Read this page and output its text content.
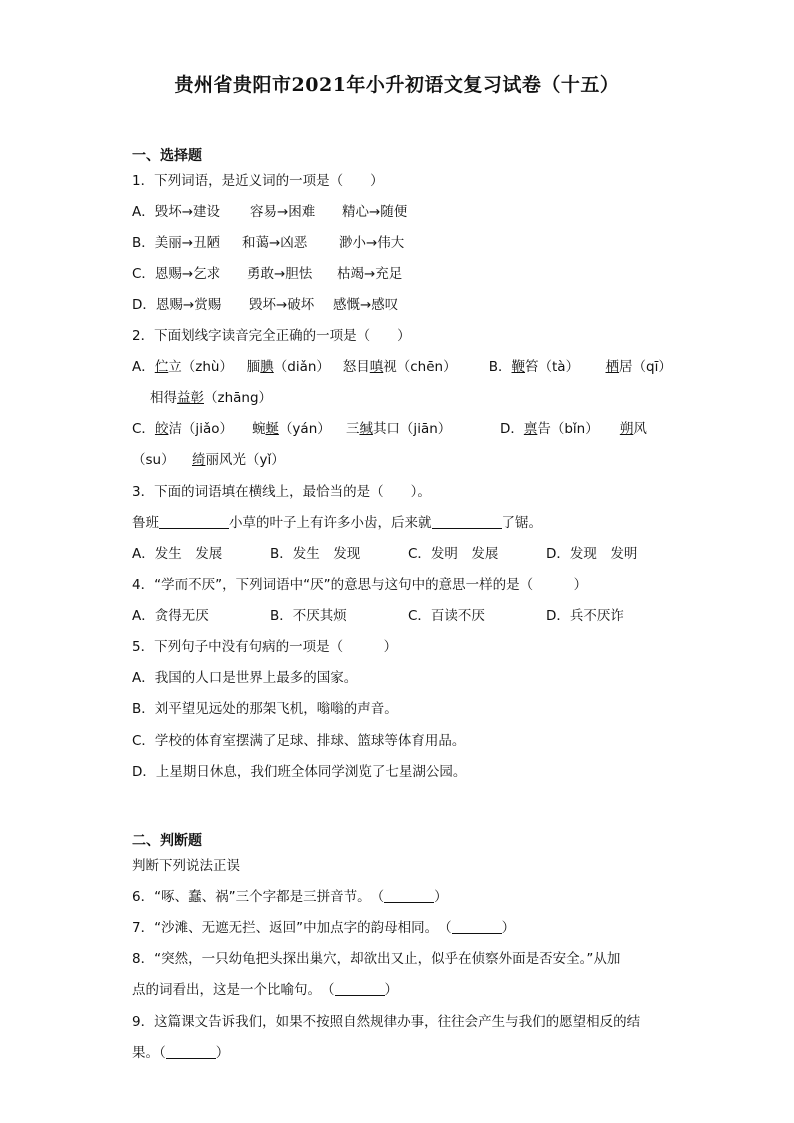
贵州省贵阳市2021年小升初语文复习试卷（十五）
一、选择题
1．下列词语，是近义词的一项是（　　）
A．毁坏→建设 容易→困难 精心→随便
B．美丽→丑陋 和蔼→凶恶 渺小→伟大
C．恩赐→乞求 勇敢→胆怯 枯竭→充足
D．恩赐→赏赐 毁坏→破坏 感慨→感叹
2．下面划线字读音完全正确的一项是（　　）
A．伫立（zhù） 腼腆（diǎn） 怒目嗔视（chēn） B．鞭笞（tà） 栖居（qī）
相得益彰（zhāng）
C．皎洁（jiǎo） 蜿蜒（yán） 三缄其口（jiān）	D．禀告（bǐn） 朔风
（su） 绮丽风光（yǐ）
3．下面的词语填在横线上，最恰当的是（　　）。
鲁班	小草的叶子上有许多小齿，后来就	了锯。
A．发生　发展	B．发生　发现	C．发明　发展	D．发现　发明
4．“学而不厌”，下列词语中“厌”的意思与这句中的意思一样的是（　　　）
A．贪得无厌	B．不厌其烦	C．百读不厌	D．兵不厌诈
5．下列句子中没有句病的一项是（　　　）
A．我国的人口是世界上最多的国家。
B．刘平望见远处的那架飞机，嗡嗡的声音。
C．学校的体育室摆满了足球、排球、篮球等体育用品。
D．上星期日休息，我们班全体同学浏览了七星湖公园。
二、判断题
判断下列说法正误
6．“啄、蠢、祸”三个字都是三拼音节。　（	）
7．“沙滩、无遮无拦、返回”中加点字的韵母相同。　（	）
8．“突然，一只幼龟把头探出巢穴，却欲出又止，似乎在侦察外面是否安全。”从加
点的词看出，这是一个比喻句。　（	）
9．这篇课文告诉我们，如果不按照自然规律办事，往往会产生与我们的愿望相反的结
果。（	）
